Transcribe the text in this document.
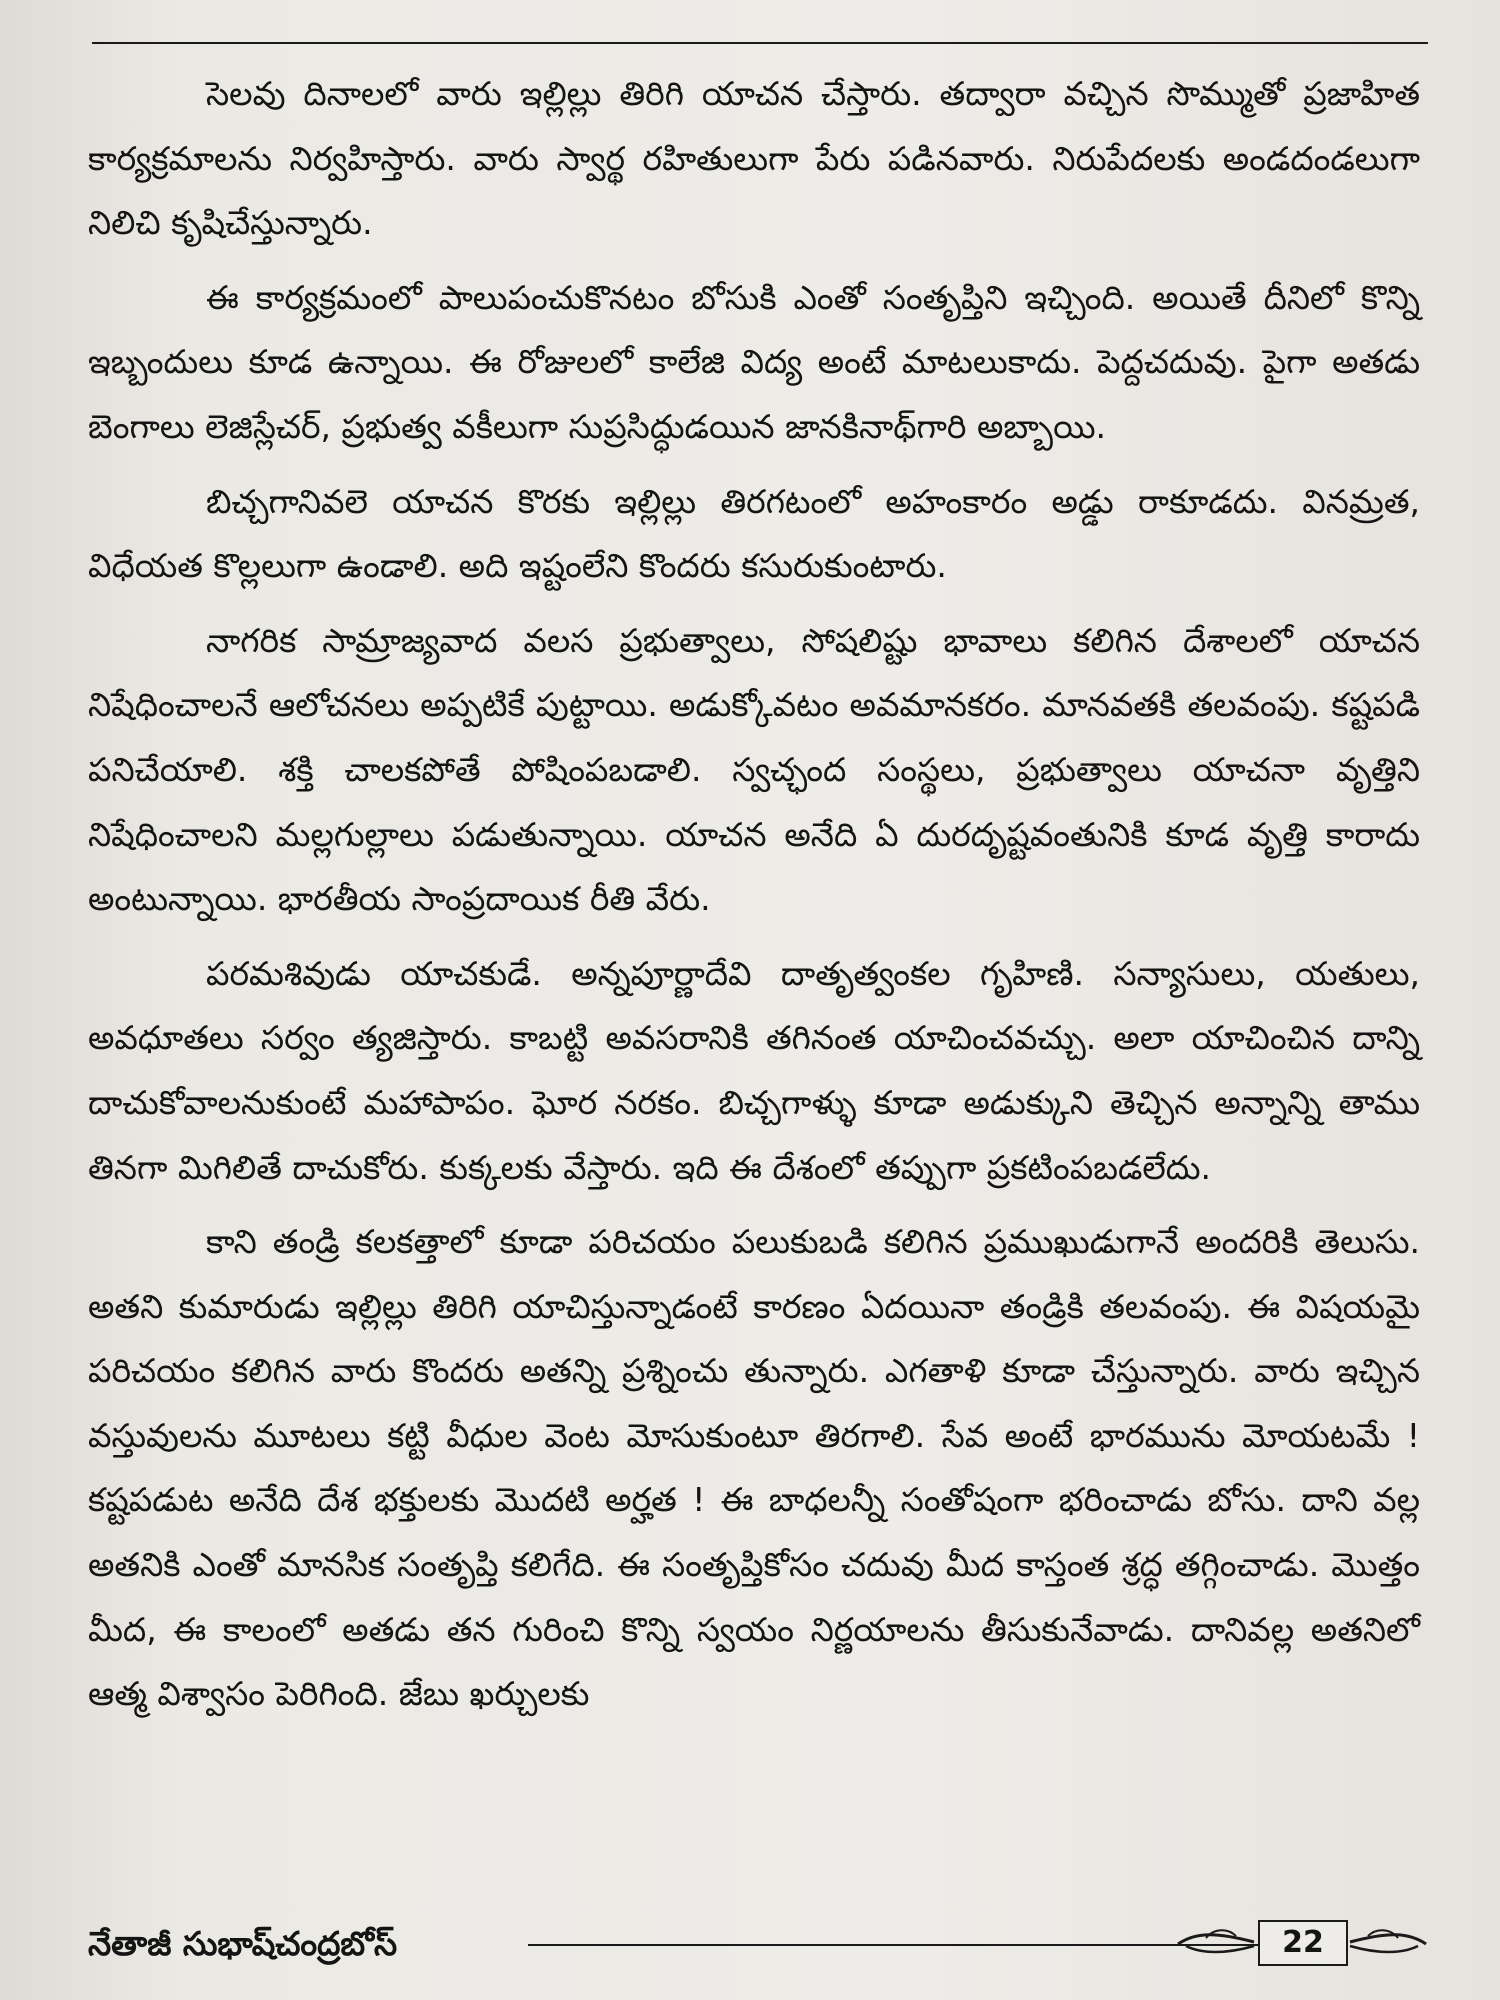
సెలవు దినాలలో వారు ఇల్లిల్లు తిరిగి యాచన చేస్తారు. తద్వారా వచ్చిన సొమ్ముతో ప్రజాహిత కార్యక్రమాలను నిర్వహిస్తారు. వారు స్వార్థ రహితులుగా పేరు పడినవారు. నిరుపేదలకు అండదండలుగా నిలిచి కృషిచేస్తున్నారు.

ఈ కార్యక్రమంలో పాలుపంచుకొనటం బోసుకి ఎంతో సంతృప్తిని ఇచ్చింది. అయితే దీనిలో కొన్ని ఇబ్బందులు కూడ ఉన్నాయి. ఈ రోజులలో కాలేజి విద్య అంటే మాటలుకాదు. పెద్దచదువు. పైగా అతడు బెంగాలు లెజిస్లేచర్, ప్రభుత్వ వకీలుగా సుప్రసిద్ధుడయిన జానకినాథ్‌గారి అబ్బాయి.

బిచ్చగానివలె యాచన కొరకు ఇల్లిల్లు తిరగటంలో అహంకారం అడ్డు రాకూడదు. వినమ్రత, విధేయత కొల్లలుగా ఉండాలి. అది ఇష్టంలేని కొందరు కసురుకుంటారు.

నాగరిక సామ్రాజ్యవాద వలస ప్రభుత్వాలు, సోషలిష్టు భావాలు కలిగిన దేశాలలో యాచన నిషేధించాలనే ఆలోచనలు అప్పటికే పుట్టాయి. అడుక్కోవటం అవమానకరం. మానవతకి తలవంపు. కష్టపడి పనిచేయాలి. శక్తి చాలకపోతే పోషింపబడాలి. స్వచ్ఛంద సంస్థలు, ప్రభుత్వాలు యాచనా వృత్తిని నిషేధించాలని మల్లగుల్లాలు పడుతున్నాయి. యాచన అనేది ఏ దురదృష్టవంతునికి కూడ వృత్తి కారాదు అంటున్నాయి. భారతీయ సాంప్రదాయిక రీతి వేరు.

పరమశివుడు యాచకుడే. అన్నపూర్ణాదేవి దాతృత్వంకల గృహిణి. సన్యాసులు, యతులు, అవధూతలు సర్వం త్యజిస్తారు. కాబట్టి అవసరానికి తగినంత యాచించవచ్చు. అలా యాచించిన దాన్ని దాచుకోవాలనుకుంటే మహాపాపం. ఘోర నరకం. బిచ్చగాళ్ళు కూడా అడుక్కుని తెచ్చిన అన్నాన్ని తాము తినగా మిగిలితే దాచుకోరు. కుక్కలకు వేస్తారు. ఇది ఈ దేశంలో తప్పుగా ప్రకటింపబడలేదు.

కాని తండ్రి కలకత్తాలో కూడా పరిచయం పలుకుబడి కలిగిన ప్రముఖుడుగానే అందరికి తెలుసు. అతని కుమారుడు ఇల్లిల్లు తిరిగి యాచిస్తున్నాడంటే కారణం ఏదయినా తండ్రికి తలవంపు. ఈ విషయమై పరిచయం కలిగిన వారు కొందరు అతన్ని ప్రశ్నించు తున్నారు. ఎగతాళి కూడా చేస్తున్నారు. వారు ఇచ్చిన వస్తువులను మూటలు కట్టి వీధుల వెంట మోసుకుంటూ తిరగాలి. సేవ అంటే భారమును మోయటమే ! కష్టపడుట అనేది దేశ భక్తులకు మొదటి అర్హత ! ఈ బాధలన్నీ సంతోషంగా భరించాడు బోసు. దాని వల్ల అతనికి ఎంతో మానసిక సంతృప్తి కలిగేది. ఈ సంతృప్తికోసం చదువు మీద కాస్తంత శ్రద్ధ తగ్గించాడు. మొత్తం మీద, ఈ కాలంలో అతడు తన గురించి కొన్ని స్వయం నిర్ణయాలను తీసుకునేవాడు. దానివల్ల అతనిలో ఆత్మ విశ్వాసం పెరిగింది. జేబు ఖర్చులకు

నేతాజీ సుభాష్‌చంద్రబోస్	22
